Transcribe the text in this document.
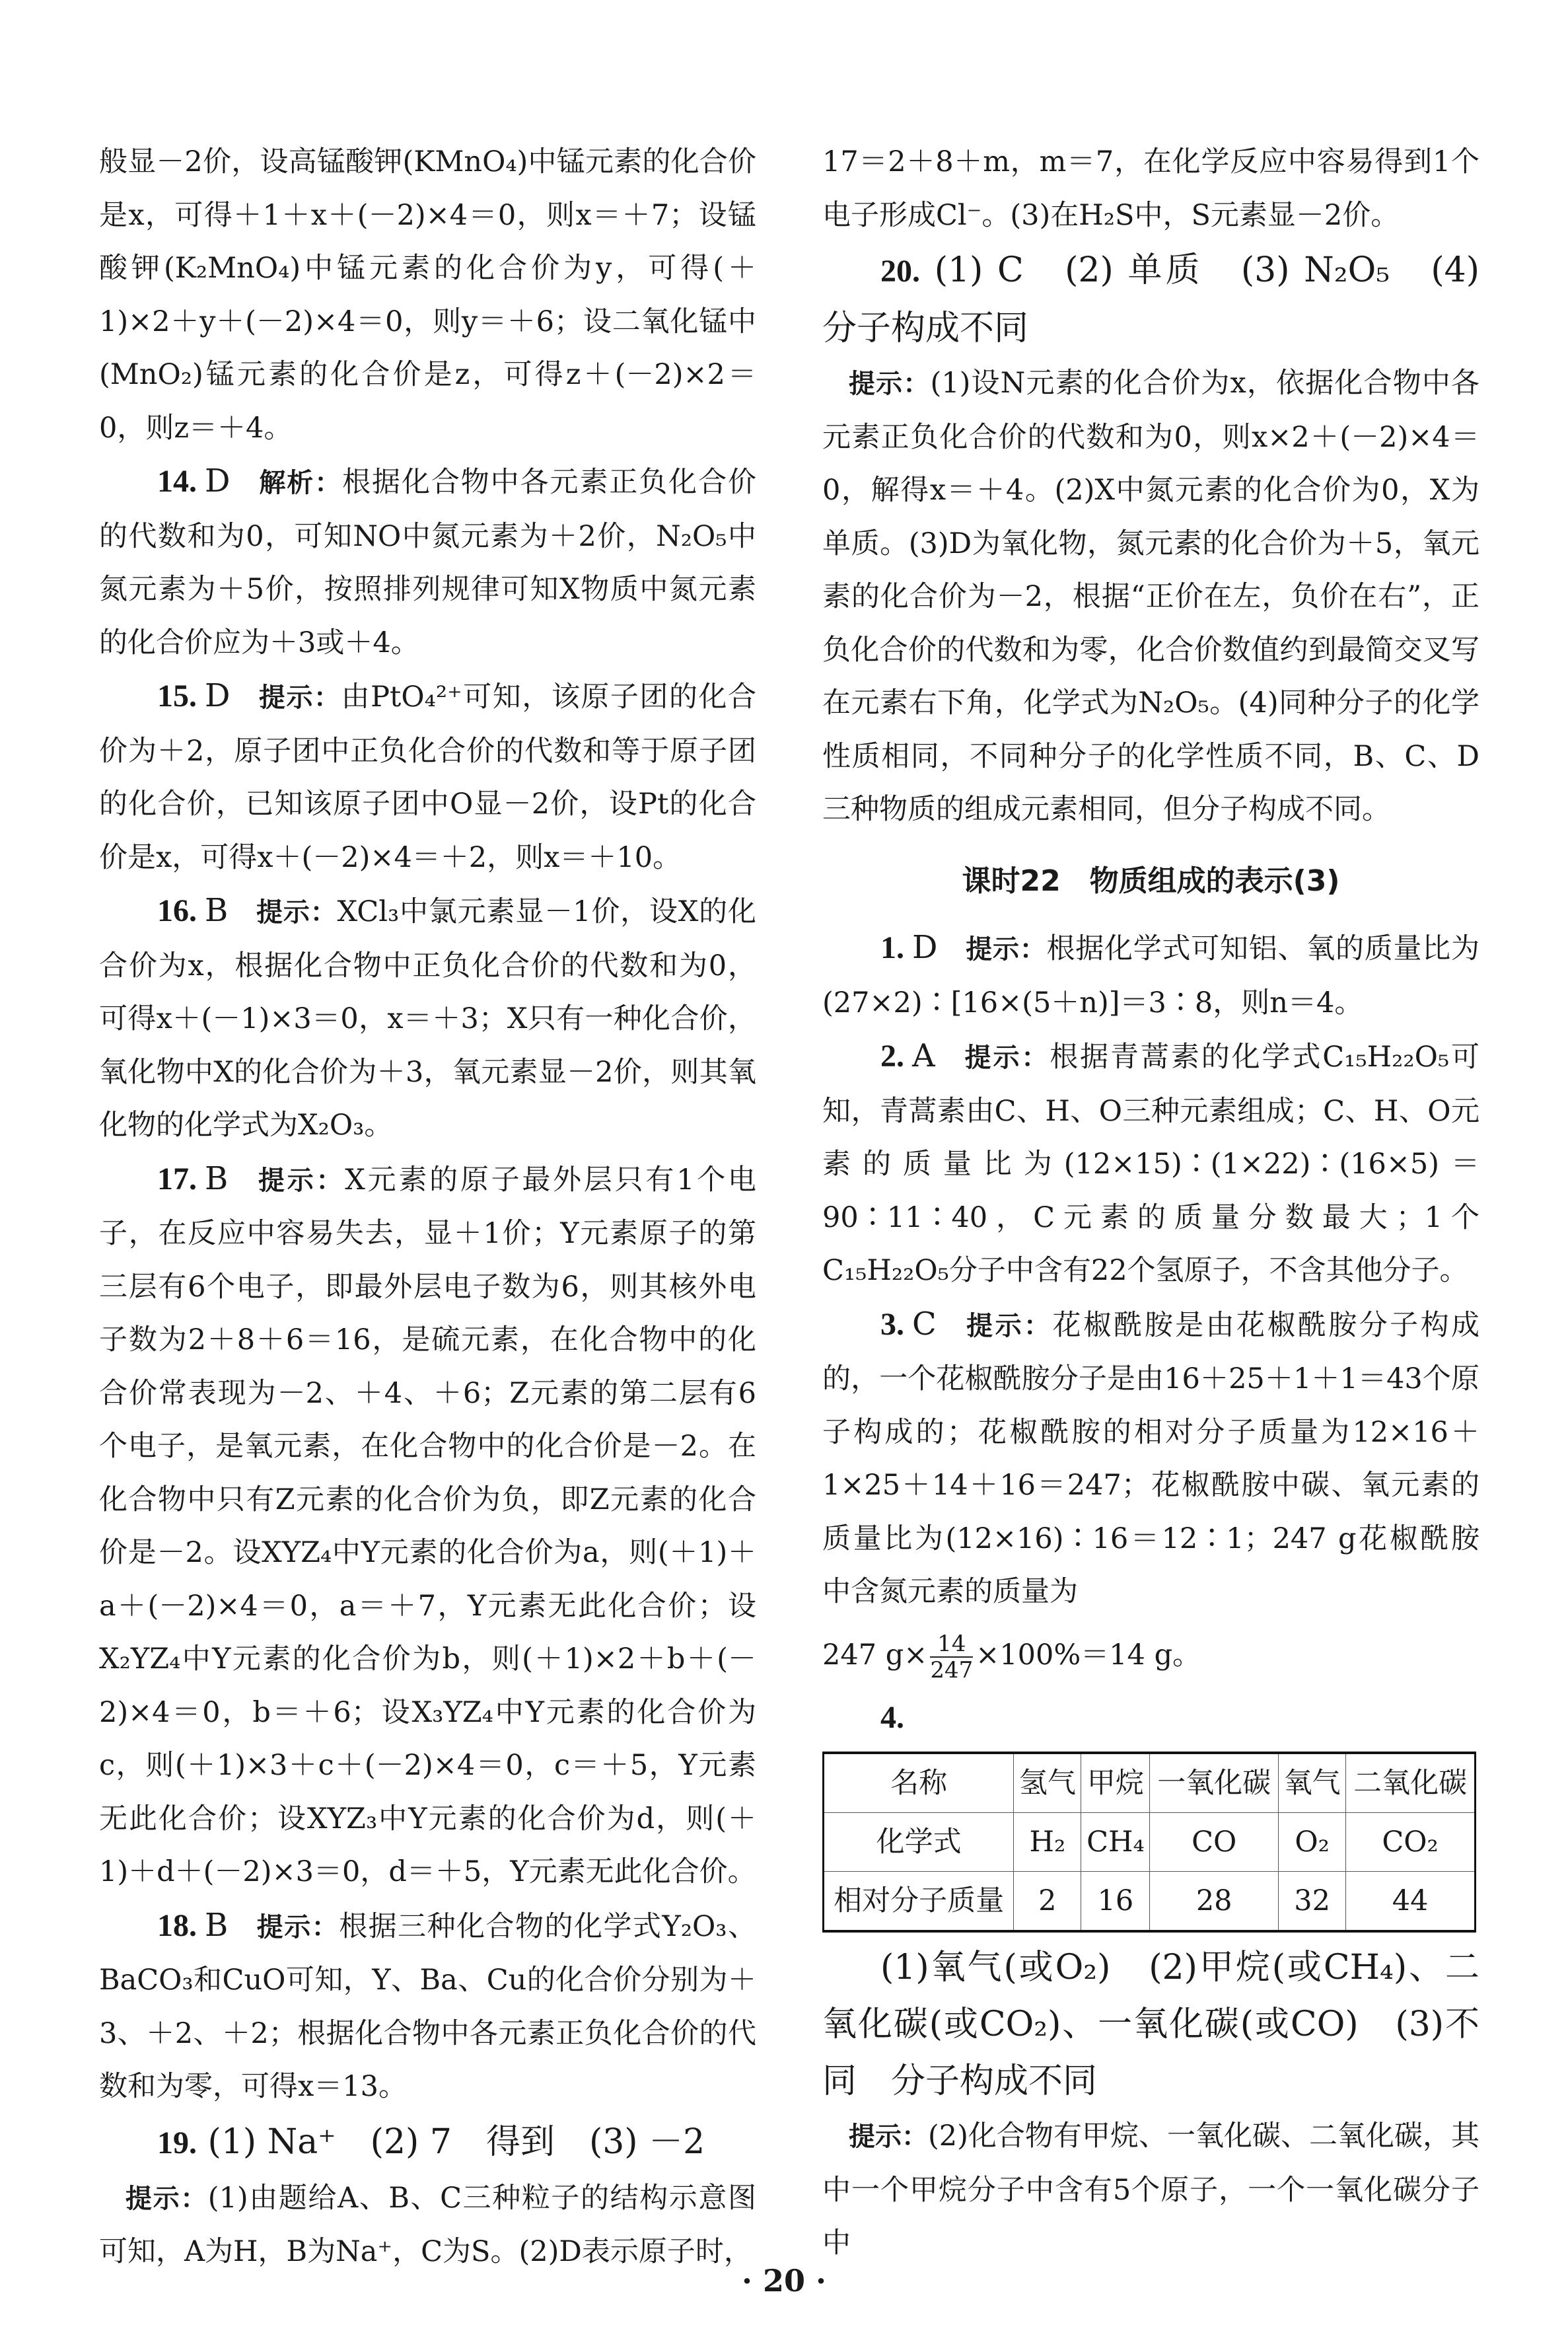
般显－2价，设高锰酸钾(KMnO₄)中锰元素的化合价是x，可得＋1＋x＋(－2)×4＝0，则x＝＋7；设锰酸钾(K₂MnO₄)中锰元素的化合价为y，可得(＋1)×2＋y＋(－2)×4＝0，则y＝＋6；设二氧化锰中(MnO₂)锰元素的化合价是z，可得z＋(－2)×2＝0，则z＝＋4。

14. D 解析：根据化合物中各元素正负化合价的代数和为0，可知NO中氮元素为＋2价，N₂O₅中氮元素为＋5价，按照排列规律可知X物质中氮元素的化合价应为＋3或＋4。

15. D 提示：由PtO₄²⁺可知，该原子团的化合价为＋2，原子团中正负化合价的代数和等于原子团的化合价，已知该原子团中O显－2价，设Pt的化合价是x，可得x＋(－2)×4＝＋2，则x＝＋10。

16. B 提示：XCl₃中氯元素显－1价，设X的化合价为x，根据化合物中正负化合价的代数和为0，可得x＋(－1)×3＝0，x＝＋3；X只有一种化合价，氧化物中X的化合价为＋3，氧元素显－2价，则其氧化物的化学式为X₂O₃。

17. B 提示：X元素的原子最外层只有1个电子，在反应中容易失去，显＋1价；Y元素原子的第三层有6个电子，即最外层电子数为6，则其核外电子数为2＋8＋6＝16，是硫元素，在化合物中的化合价常表现为－2、＋4、＋6；Z元素的第二层有6个电子，是氧元素，在化合物中的化合价是－2。在化合物中只有Z元素的化合价为负，即Z元素的化合价是－2。设XYZ₄中Y元素的化合价为a，则(＋1)＋a＋(－2)×4＝0，a＝＋7，Y元素无此化合价；设X₂YZ₄中Y元素的化合价为b，则(＋1)×2＋b＋(－2)×4＝0，b＝＋6；设X₃YZ₄中Y元素的化合价为c，则(＋1)×3＋c＋(－2)×4＝0，c＝＋5，Y元素无此化合价；设XYZ₃中Y元素的化合价为d，则(＋1)＋d＋(－2)×3＝0，d＝＋5，Y元素无此化合价。

18. B 提示：根据三种化合物的化学式Y₂O₃、BaCO₃和CuO可知，Y、Ba、Cu的化合价分别为＋3、＋2、＋2；根据化合物中各元素正负化合价的代数和为零，可得x＝13。

19. (1) Na⁺　(2) 7　得到　(3) －2

提示：(1)由题给A、B、C三种粒子的结构示意图可知，A为H，B为Na⁺，C为S。(2)D表示原子时，

17＝2＋8＋m，m＝7，在化学反应中容易得到1个电子形成Cl⁻。(3)在H₂S中，S元素显－2价。

20. (1) C　(2) 单质　(3) N₂O₅　(4) 分子构成不同

提示：(1)设N元素的化合价为x，依据化合物中各元素正负化合价的代数和为0，则x×2＋(－2)×4＝0，解得x＝＋4。(2)X中氮元素的化合价为0，X为单质。(3)D为氧化物，氮元素的化合价为＋5，氧元素的化合价为－2，根据“正价在左，负价在右”，正负化合价的代数和为零，化合价数值约到最简交叉写在元素右下角，化学式为N₂O₅。(4)同种分子的化学性质相同，不同种分子的化学性质不同，B、C、D三种物质的组成元素相同，但分子构成不同。

课时22　物质组成的表示(3)

1. D 提示：根据化学式可知铝、氧的质量比为(27×2)∶[16×(5＋n)]＝3∶8，则n＝4。

2. A 提示：根据青蒿素的化学式C₁₅H₂₂O₅可知，青蒿素由C、H、O三种元素组成；C、H、O元素的质量比为(12×15)∶(1×22)∶(16×5)＝90∶11∶40，C元素的质量分数最大；1个C₁₅H₂₂O₅分子中含有22个氢原子，不含其他分子。

3. C 提示：花椒酰胺是由花椒酰胺分子构成的，一个花椒酰胺分子是由16＋25＋1＋1＝43个原子构成的；花椒酰胺的相对分子质量为12×16＋1×25＋14＋16＝247；花椒酰胺中碳、氧元素的质量比为(12×16)∶16＝12∶1；247 g花椒酰胺中含氮元素的质量为

247 $g\times \frac{14}{247} \times 100\%=14$ g。

4.

名称	氢气	甲烷	一氧化碳	氧气	二氧化碳
化学式	H₂	CH₄	CO	O₂	CO₂
相对分子质量	2	16	28	32	44

(1)氧气(或O₂)　(2)甲烷(或CH₄)、二氧化碳(或CO₂)、一氧化碳(或CO)　(3)不同　分子构成不同

提示：(2)化合物有甲烷、一氧化碳、二氧化碳，其中一个甲烷分子中含有5个原子，一个一氧化碳分子中

· 20 ·
